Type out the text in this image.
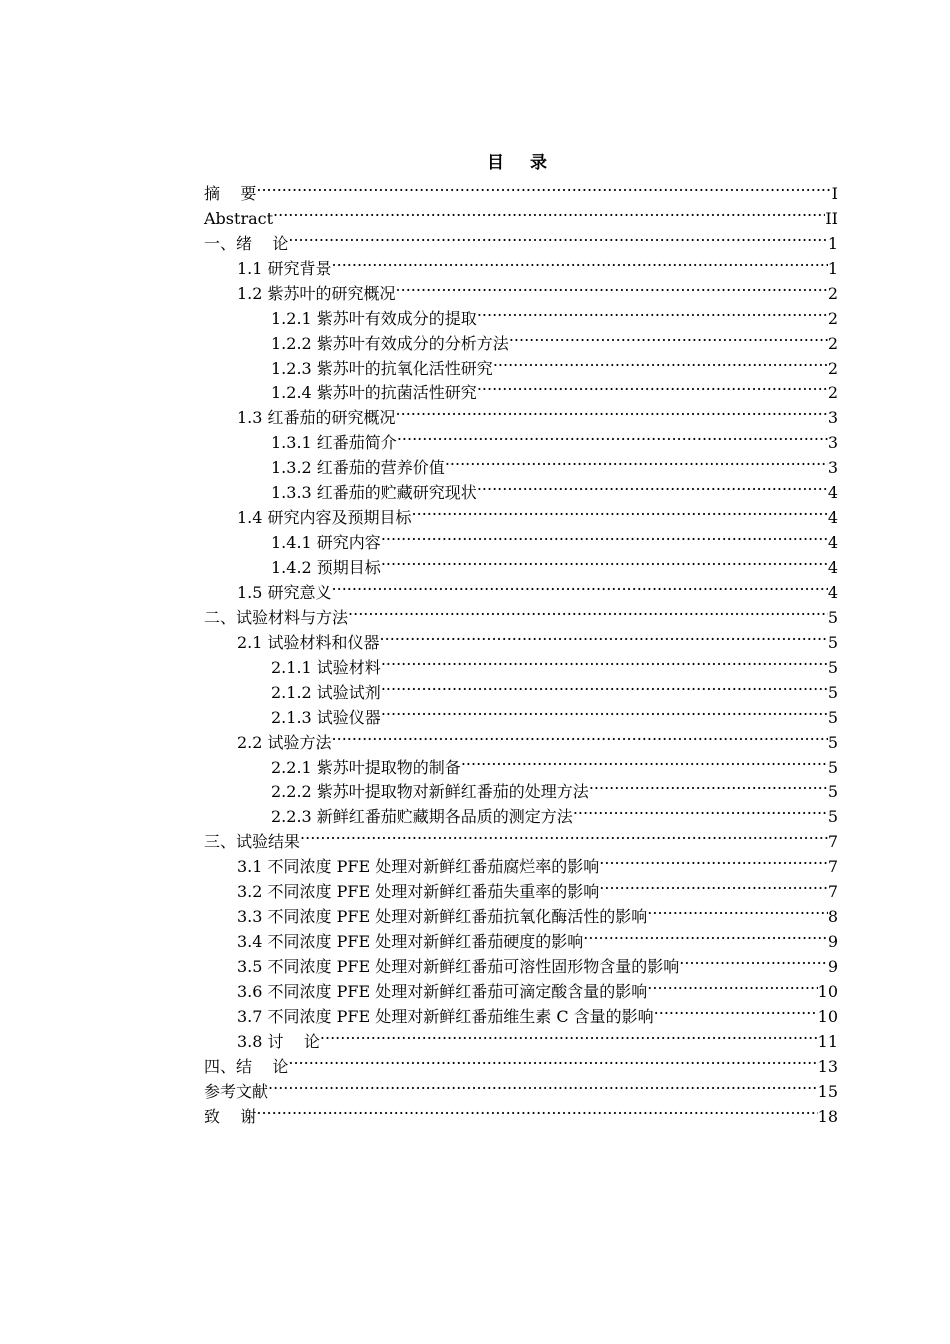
目 录
摘    要 .....	I
Abstract .....	II
一、绪    论 .....	1
1.1 研究背景 .....	1
1.2 紫苏叶的研究概况 .....	2
1.2.1 紫苏叶有效成分的提取 .....	2
1.2.2 紫苏叶有效成分的分析方法 .....	2
1.2.3 紫苏叶的抗氧化活性研究 .....	2
1.2.4 紫苏叶的抗菌活性研究 .....	2
1.3 红番茄的研究概况 .....	3
1.3.1 红番茄简介 .....	3
1.3.2 红番茄的营养价值 .....	3
1.3.3 红番茄的贮藏研究现状 .....	4
1.4 研究内容及预期目标 .....	4
1.4.1 研究内容 .....	4
1.4.2 预期目标 .....	4
1.5 研究意义 .....	4
二、试验材料与方法 .....	5
2.1 试验材料和仪器 .....	5
2.1.1 试验材料 .....	5
2.1.2 试验试剂 .....	5
2.1.3 试验仪器 .....	5
2.2 试验方法 .....	5
2.2.1 紫苏叶提取物的制备 .....	5
2.2.2 紫苏叶提取物对新鲜红番茄的处理方法 .....	5
2.2.3 新鲜红番茄贮藏期各品质的测定方法 .....	5
三、试验结果 .....	7
3.1 不同浓度 PFE 处理对新鲜红番茄腐烂率的影响 .....	7
3.2 不同浓度 PFE 处理对新鲜红番茄失重率的影响 .....	7
3.3 不同浓度 PFE 处理对新鲜红番茄抗氧化酶活性的影响 .....	8
3.4 不同浓度 PFE 处理对新鲜红番茄硬度的影响 .....	9
3.5 不同浓度 PFE 处理对新鲜红番茄可溶性固形物含量的影响 .....	9
3.6 不同浓度 PFE 处理对新鲜红番茄可滴定酸含量的影响 .....	10
3.7 不同浓度 PFE 处理对新鲜红番茄维生素 C 含量的影响 .....	10
3.8 讨    论 .....	11
四、结    论 .....	13
参考文献 .....	15
致    谢 .....	18
